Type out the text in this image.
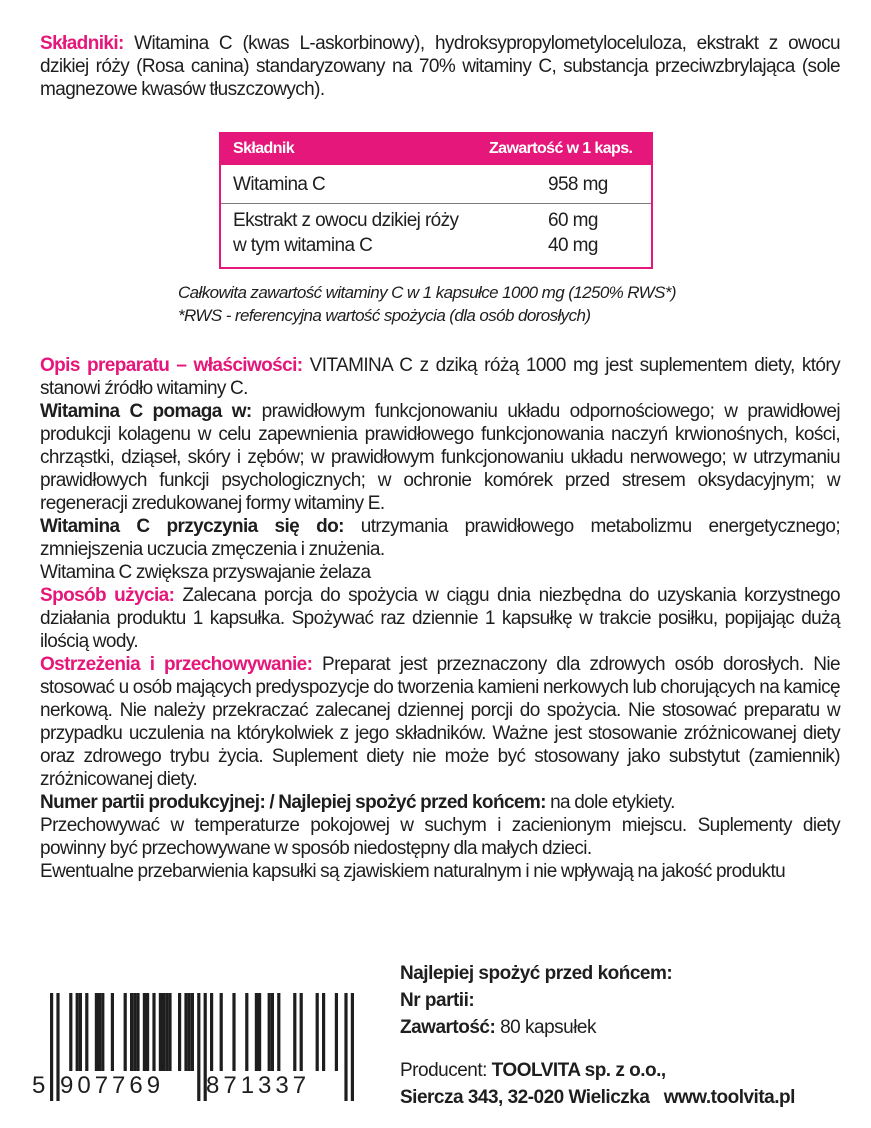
Składniki: Witamina C (kwas L-askorbinowy), hydroksypropylometyloceluloza, ekstrakt z owocu dzikiej róży (Rosa canina) standaryzowany na 70% witaminy C, substancja przeciwzbrylająca (sole magnezowe kwasów tłuszczowych).

Składnik	Zawartość w 1 kaps.
Witamina C	958 mg
Ekstrakt z owocu dzikiej róży	60 mg
w tym witamina C	40 mg
Całkowita zawartość witaminy C w 1 kapsułce 1000 mg (1250% RWS*)
*RWS - referencyjna wartość spożycia (dla osób dorosłych)

Opis preparatu – właściwości: VITAMINA C z dziką różą 1000 mg jest suplementem diety, który stanowi źródło witaminy C.

Witamina C pomaga w: prawidłowym funkcjonowaniu układu odpornościowego; w prawidłowej produkcji kolagenu w celu zapewnienia prawidłowego funkcjonowania naczyń krwionośnych, kości, chrząstki, dziąseł, skóry i zębów; w prawidłowym funkcjonowaniu układu nerwowego; w utrzymaniu prawidłowych funkcji psychologicznych; w ochronie komórek przed stresem oksydacyjnym; w regeneracji zredukowanej formy witaminy E.

Witamina C przyczynia się do: utrzymania prawidłowego metabolizmu energetycznego; zmniejszenia uczucia zmęczenia i znużenia.

Witamina C zwiększa przyswajanie żelaza

Sposób użycia: Zalecana porcja do spożycia w ciągu dnia niezbędna do uzyskania korzystnego działania produktu 1 kapsułka. Spożywać raz dziennie 1 kapsułkę w trakcie posiłku, popijając dużą ilością wody.

Ostrzeżenia i przechowywanie: Preparat jest przeznaczony dla zdrowych osób dorosłych. Nie stosować u osób mających predyspozycje do tworzenia kamieni nerkowych lub chorujących na kamicę nerkową. Nie należy przekraczać zalecanej dziennej porcji do spożycia. Nie stosować preparatu w przypadku uczulenia na którykolwiek z jego składników. Ważne jest stosowanie zróżnicowanej diety oraz zdrowego trybu życia. Suplement diety nie może być stosowany jako substytut (zamiennik) zróżnicowanej diety.

Numer partii produkcyjnej: / Najlepiej spożyć przed końcem: na dole etykiety.

Przechowywać w temperaturze pokojowej w suchym i zacienionym miejscu. Suplementy diety powinny być przechowywane w sposób niedostępny dla małych dzieci.

Ewentualne przebarwienia kapsułki są zjawiskiem naturalnym i nie wpływają na jakość produktu

5 907769 871337
Najlepiej spożyć przed końcem:
Nr partii:
Zawartość: 80 kapsułek
Producent: TOOLVITA sp. z o.o.,
Siercza 343, 32-020 Wieliczka www.toolvita.pl
